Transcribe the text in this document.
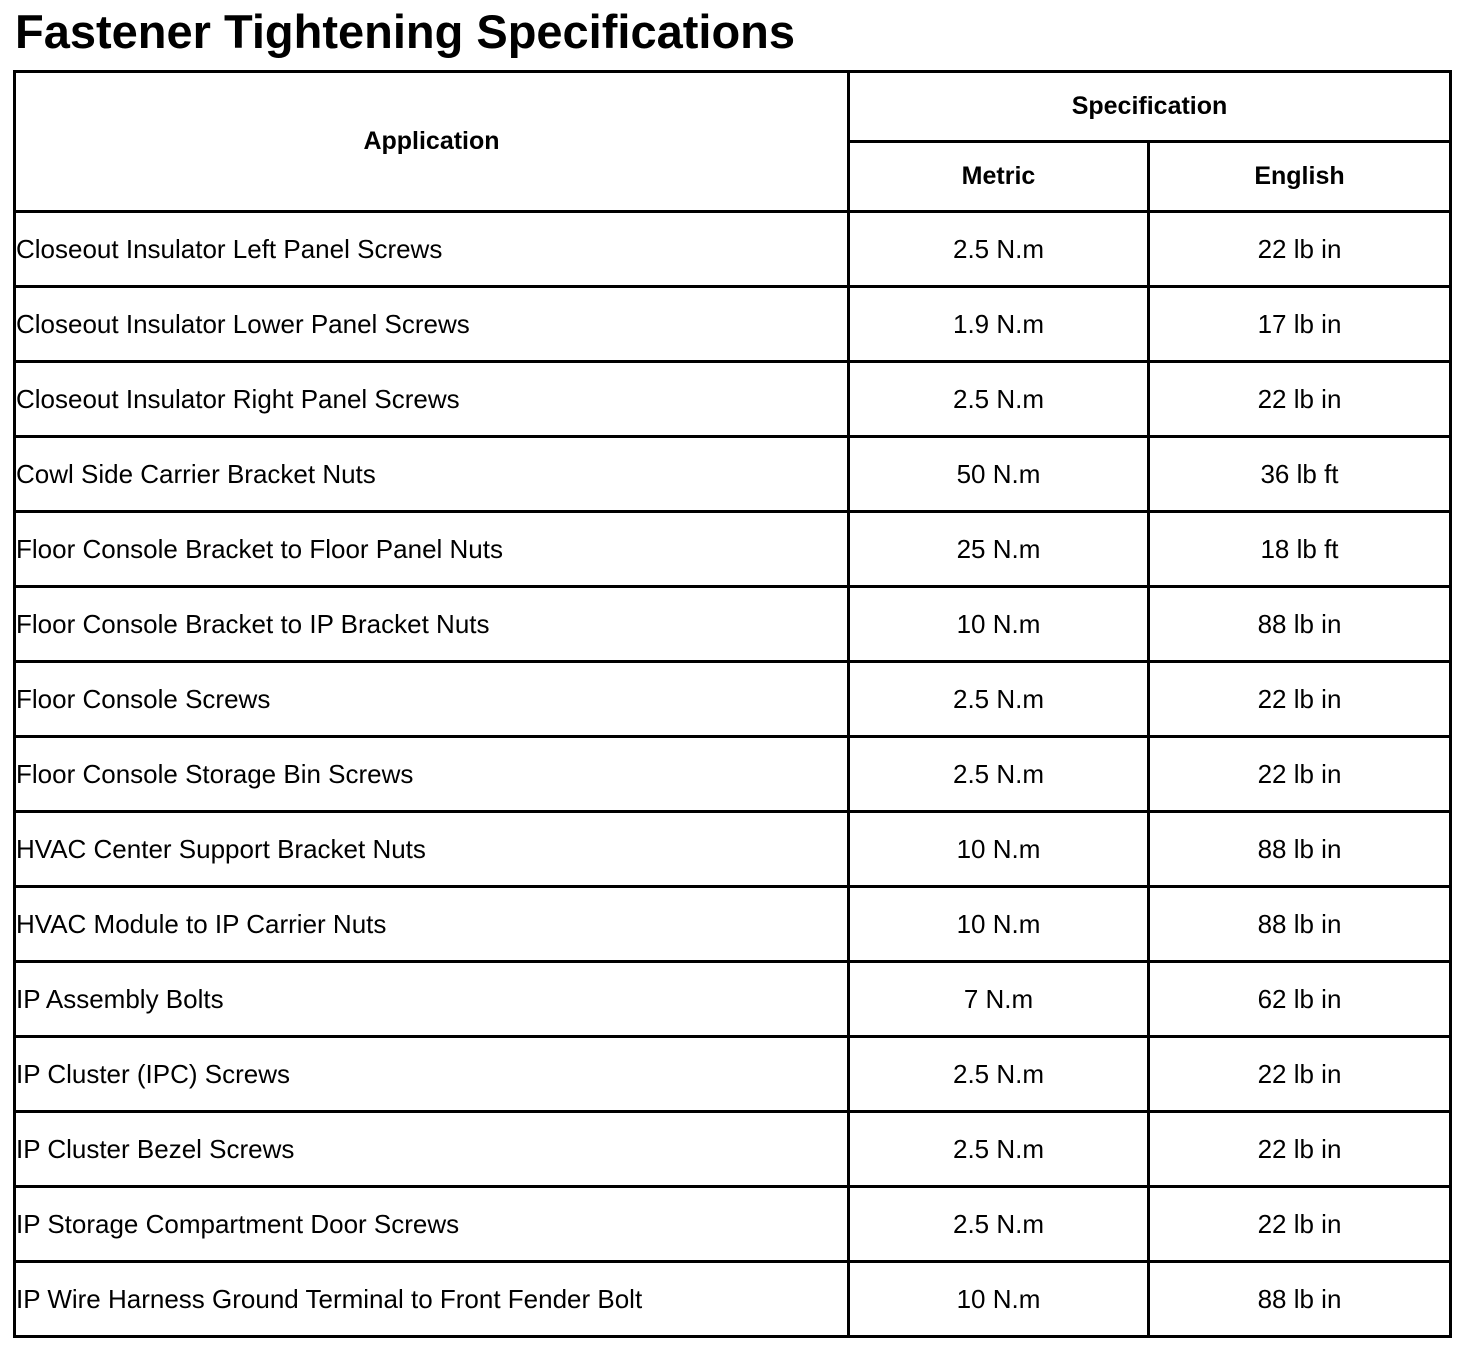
Fastener Tightening Specifications
Application	Specification	
	Metric	English
Closeout Insulator Left Panel Screws	2.5 N.m	22 lb in
Closeout Insulator Lower Panel Screws	1.9 N.m	17 lb in
Closeout Insulator Right Panel Screws	2.5 N.m	22 lb in
Cowl Side Carrier Bracket Nuts	50 N.m	36 lb ft
Floor Console Bracket to Floor Panel Nuts	25 N.m	18 lb ft
Floor Console Bracket to IP Bracket Nuts	10 N.m	88 lb in
Floor Console Screws	2.5 N.m	22 lb in
Floor Console Storage Bin Screws	2.5 N.m	22 lb in
HVAC Center Support Bracket Nuts	10 N.m	88 lb in
HVAC Module to IP Carrier Nuts	10 N.m	88 lb in
IP Assembly Bolts	7 N.m	62 lb in
IP Cluster (IPC) Screws	2.5 N.m	22 lb in
IP Cluster Bezel Screws	2.5 N.m	22 lb in
IP Storage Compartment Door Screws	2.5 N.m	22 lb in
IP Wire Harness Ground Terminal to Front Fender Bolt	10 N.m	88 lb in
